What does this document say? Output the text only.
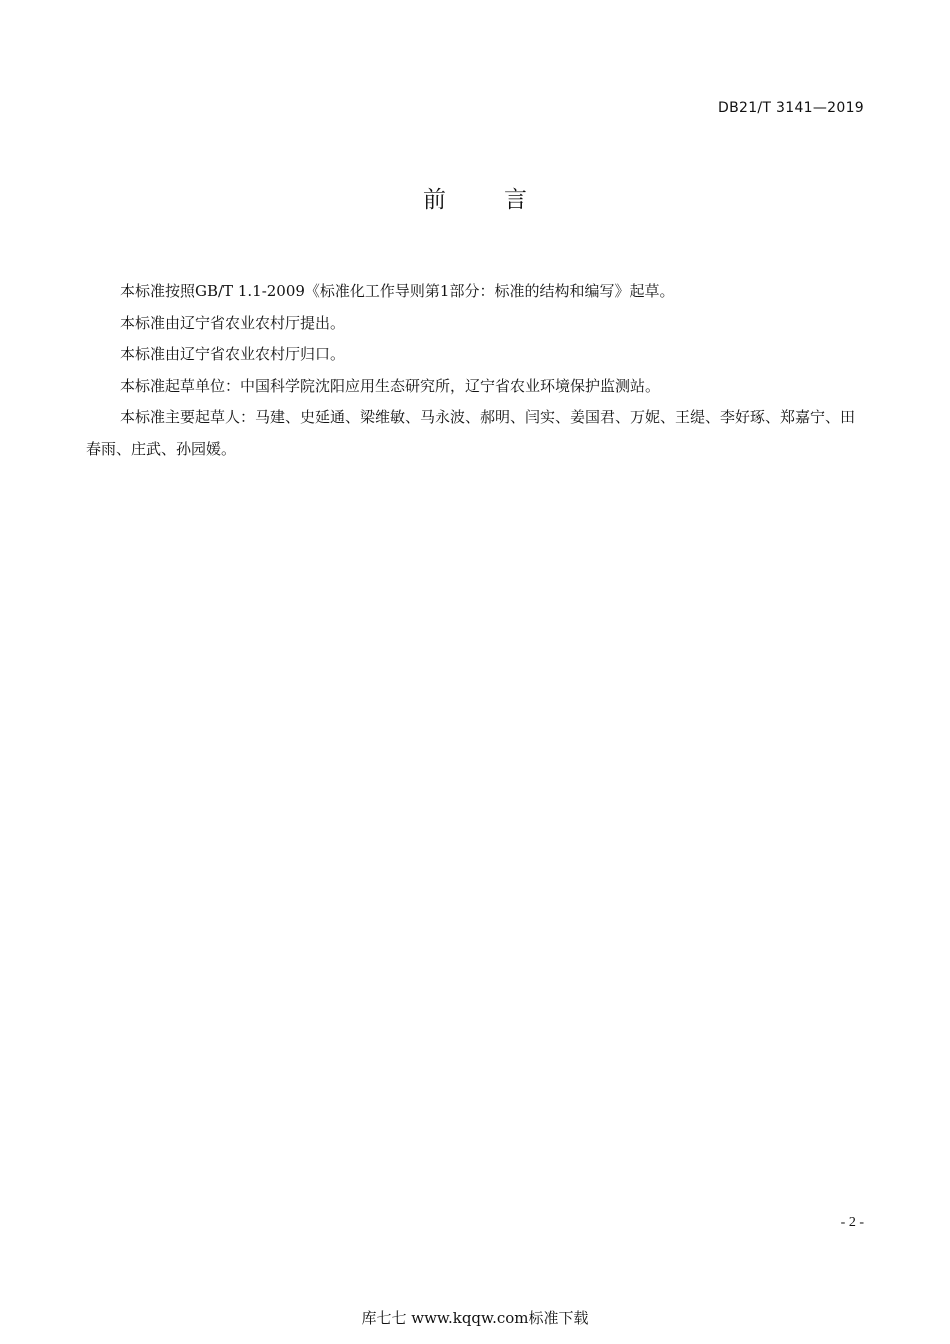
DB21/T 3141—2019
前	言

本标准按照GB/T 1.1-2009《标准化工作导则第1部分：标准的结构和编写》起草。

本标准由辽宁省农业农村厅提出。

本标准由辽宁省农业农村厅归口。

本标准起草单位：中国科学院沈阳应用生态研究所，辽宁省农业环境保护监测站。

本标准主要起草人：马建、史延通、梁维敏、马永波、郝明、闫实、姜国君、万妮、王缇、李好琢、郑嘉宁、田春雨、庄武、孙园媛。

- 2 -
库七七 www.kqqw.com标准下载
